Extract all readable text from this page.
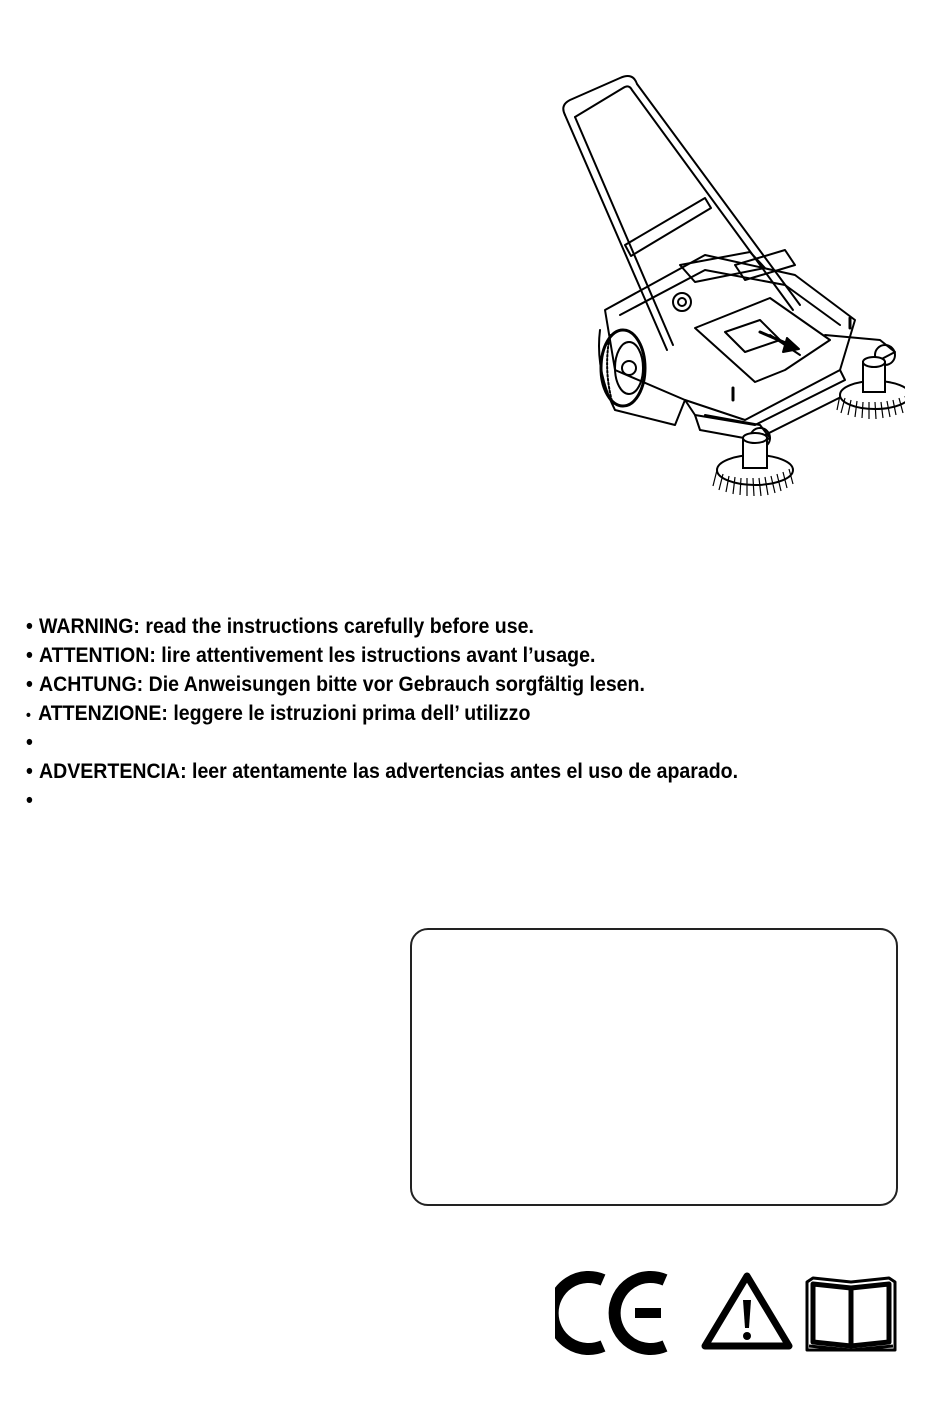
• WARNING: read the instructions carefully before use.
• ATTENTION: lire attentivement les istructions avant l’usage.
• ACHTUNG: Die Anweisungen bitte vor Gebrauch sorgfältig lesen.
• ATTENZIONE: leggere le istruzioni prima dell’ utilizzo
•
• ADVERTENCIA: leer atentamente las advertencias antes el uso de aparado.
•
